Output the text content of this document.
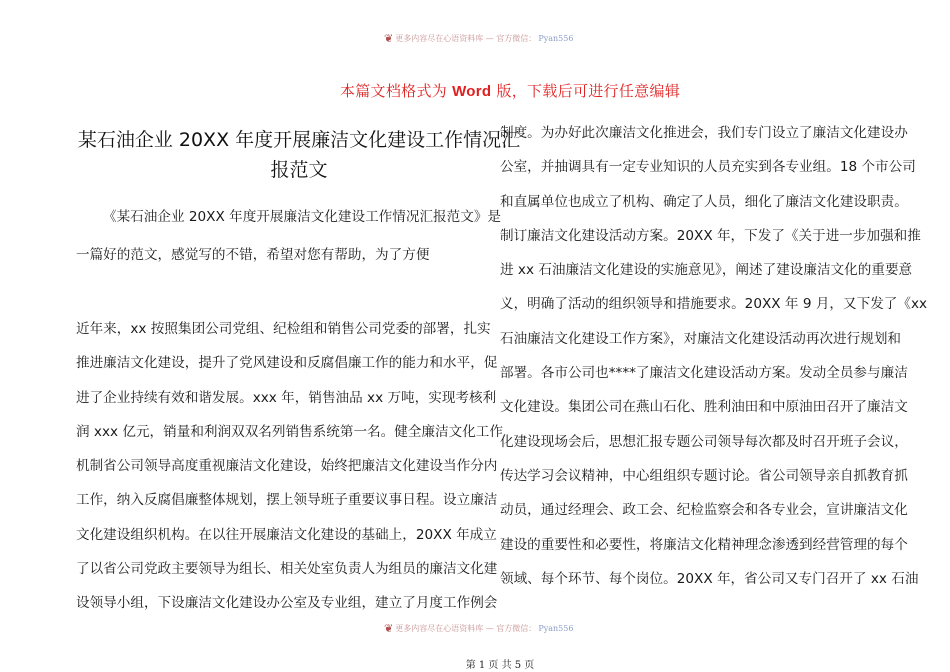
❦ 更多内容尽在心语资料库 — 官方微信： Pyan556
本篇文档格式为 Word 版，下载后可进行任意编辑
某石油企业 20XX 年度开展廉洁文化建设工作情况汇
报范文
《某石油企业 20XX 年度开展廉洁文化建设工作情况汇报范文》是
一篇好的范文，感觉写的不错，希望对您有帮助，为了方便
近年来，xx 按照集团公司党组、纪检组和销售公司党委的部署，扎实
推进廉洁文化建设，提升了党风建设和反腐倡廉工作的能力和水平，促
进了企业持续有效和谐发展。xxx 年，销售油品 xx 万吨，实现考核利
润 xxx 亿元，销量和利润双双名列销售系统第一名。健全廉洁文化工作
机制省公司领导高度重视廉洁文化建设，始终把廉洁文化建设当作分内
工作，纳入反腐倡廉整体规划，摆上领导班子重要议事日程。设立廉洁
文化建设组织机构。在以往开展廉洁文化建设的基础上，20XX 年成立
了以省公司党政主要领导为组长、相关处室负责人为组员的廉洁文化建
设领导小组，下设廉洁文化建设办公室及专业组，建立了月度工作例会
制度。为办好此次廉洁文化推进会，我们专门设立了廉洁文化建设办
公室，并抽调具有一定专业知识的人员充实到各专业组。18 个市公司
和直属单位也成立了机构、确定了人员，细化了廉洁文化建设职责。
制订廉洁文化建设活动方案。20XX 年，下发了《关于进一步加强和推
进 xx 石油廉洁文化建设的实施意见》，阐述了建设廉洁文化的重要意
义，明确了活动的组织领导和措施要求。20XX 年 9 月，又下发了《xx
石油廉洁文化建设工作方案》，对廉洁文化建设活动再次进行规划和
部署。各市公司也****了廉洁文化建设活动方案。发动全员参与廉洁
文化建设。集团公司在燕山石化、胜利油田和中原油田召开了廉洁文
化建设现场会后，思想汇报专题公司领导每次都及时召开班子会议，
传达学习会议精神，中心组组织专题讨论。省公司领导亲自抓教育抓
动员，通过经理会、政工会、纪检监察会和各专业会，宣讲廉洁文化
建设的重要性和必要性，将廉洁文化精神理念渗透到经营管理的每个
领域、每个环节、每个岗位。20XX 年，省公司又专门召开了 xx 石油
❦ 更多内容尽在心语资料库 — 官方微信： Pyan556
第 1 页 共 5 页
